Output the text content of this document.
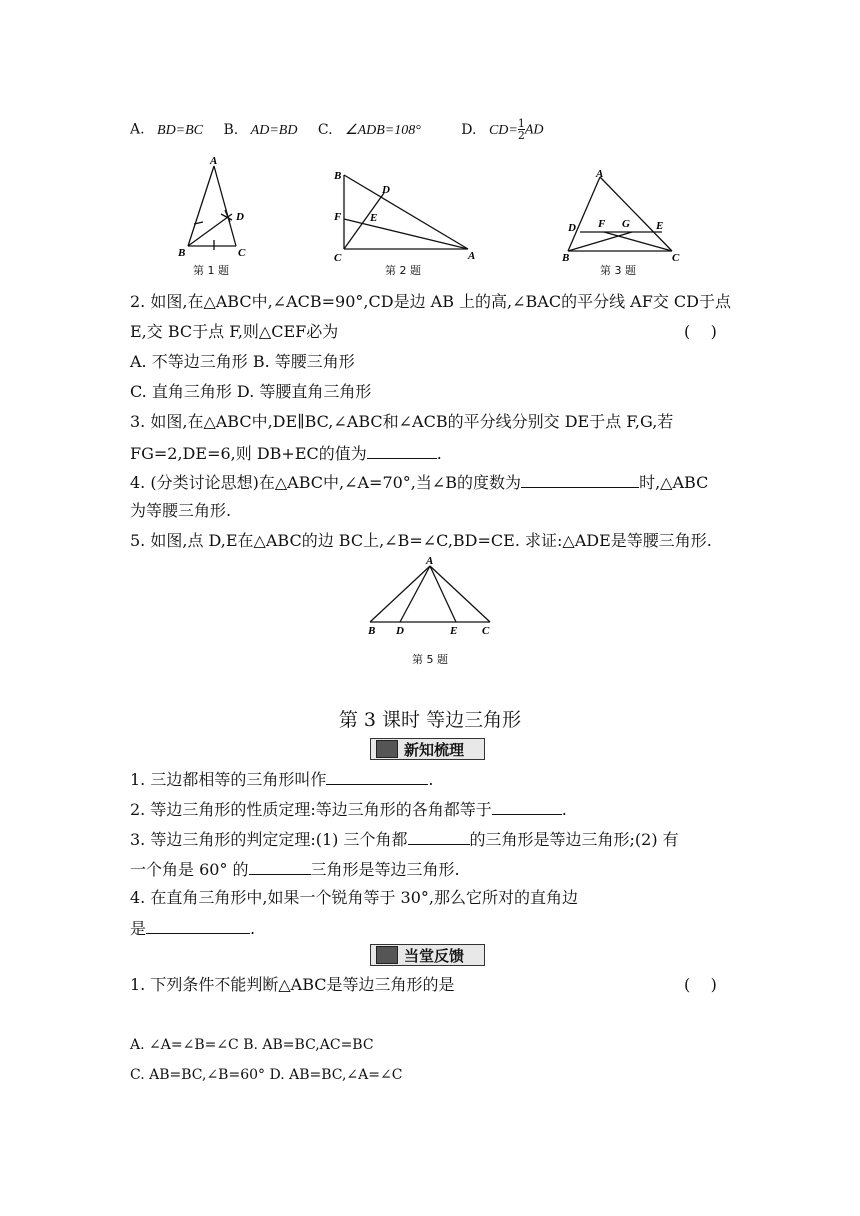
A. BD=BC B. AD=BD C. ∠ADB=108°	D. $CD= \frac{1}{2}$ AD
A
B	C
D
第 1 题
B
C	A
D
E
F
第 2 题
A
B	C
D	E
F G
第 3 题
2. 如图,在△ABC中,∠ACB=90°,CD是边 AB 上的高,∠BAC的平分线 AF交 CD于点
E,交 BC于点 F,则△CEF必为	(    )
A. 不等边三角形 B. 等腰三角形
C. 直角三角形 D. 等腰直角三角形
3. 如图,在△ABC中,DE∥BC,∠ABC和∠ACB的平分线分别交 DE于点 F,G,若
FG=2,DE=6,则 DB+EC的值为	.
4. (分类讨论思想)在△ABC中,∠A=70°,当∠B的度数为	时,△ABC
为等腰三角形.
5. 如图,点 D,E在△ABC的边 BC上,∠B=∠C,BD=CE. 求证:△ADE是等腰三角形.
A
B D	E C
第 5 题
第 3 课时 等边三角形
新知梳理
1. 三边都相等的三角形叫作	.
2. 等边三角形的性质定理:等边三角形的各角都等于	.
3. 等边三角形的判定定理:(1) 三个角都	的三角形是等边三角形;(2) 有
一个角是 60° 的	三角形是等边三角形.
4. 在直角三角形中,如果一个锐角等于 30°,那么它所对的直角边
是	.
当堂反馈
1. 下列条件不能判断△ABC是等边三角形的是	(    )
A. ∠A=∠B=∠C B. AB=BC,AC=BC
C. AB=BC,∠B=60° D. AB=BC,∠A=∠C
